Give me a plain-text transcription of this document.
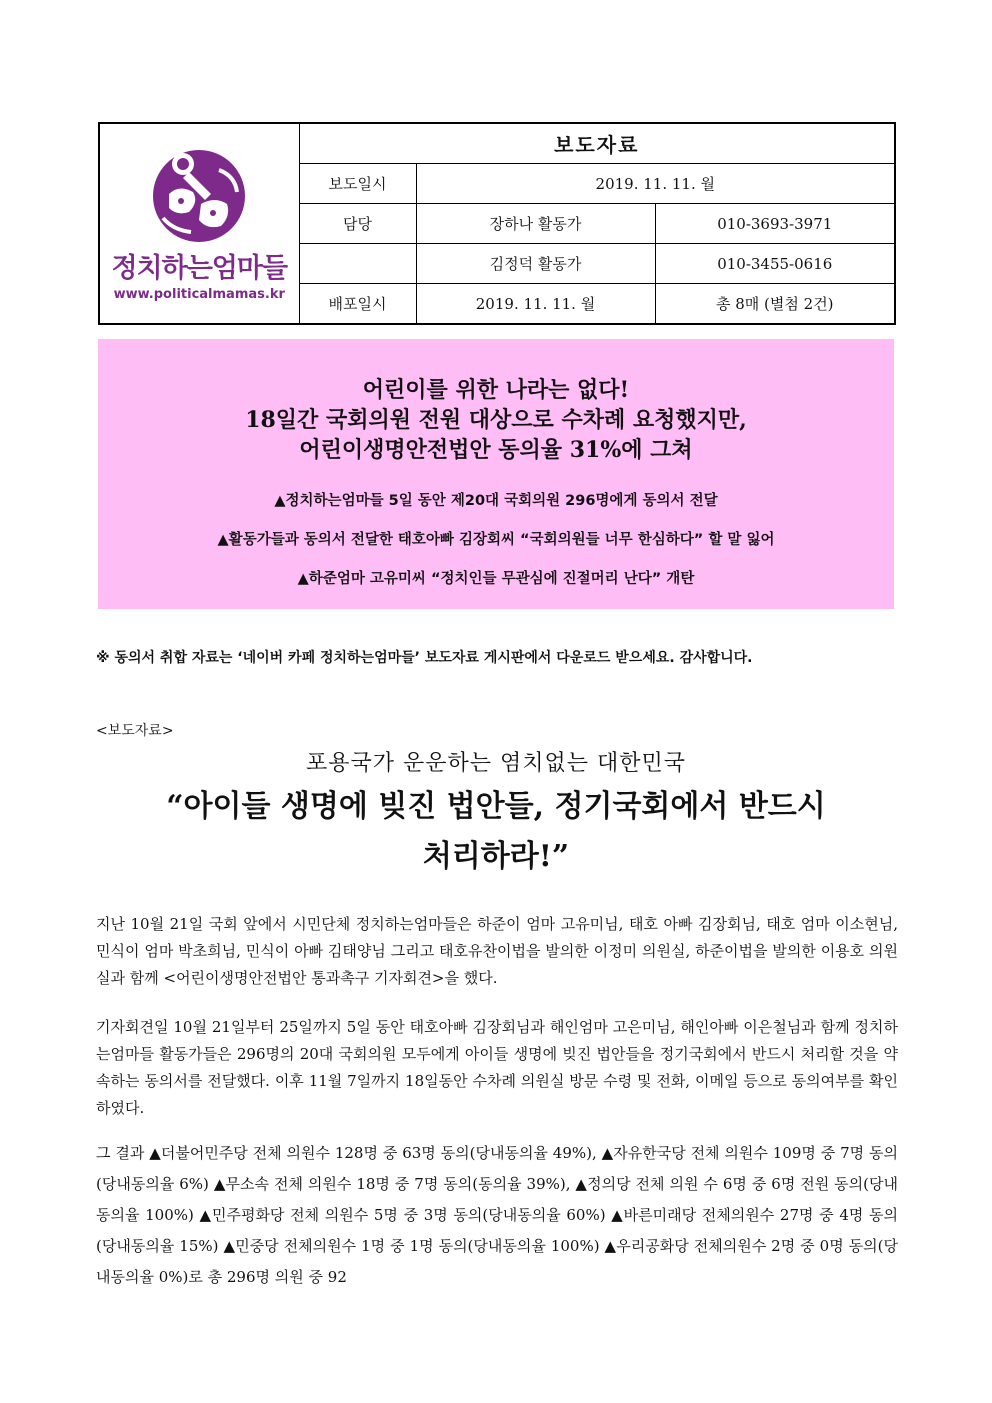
정치하는엄마들
www.politicalmamas.kr	보도자료		
	보도일시	2019. 11. 11. 월	
	담당	장하나 활동가	010-3693-3971
		김정덕 활동가	010-3455-0616
	배포일시	2019. 11. 11. 월	총 8매 (별첨 2건)
어린이를 위한 나라는 없다!
18일간 국회의원 전원 대상으로 수차례 요청했지만,
어린이생명안전법안 동의율 31%에 그쳐
▲정치하는엄마들 5일 동안 제20대 국회의원 296명에게 동의서 전달
▲활동가들과 동의서 전달한 태호아빠 김장회씨 “국회의원들 너무 한심하다” 할 말 잃어
▲하준엄마 고유미씨 “정치인들 무관심에 진절머리 난다” 개탄
※ 동의서 취합 자료는 ‘네이버 카페 정치하는엄마들’ 보도자료 게시판에서 다운로드 받으세요. 감사합니다.
<보도자료>
포용국가 운운하는 염치없는 대한민국
“아이들 생명에 빚진 법안들, 정기국회에서 반드시
처리하라!”

지난 10월 21일 국회 앞에서 시민단체 정치하는엄마들은 하준이 엄마 고유미님, 태호 아빠 김장회님, 태호 엄마 이소현님, 민식이 엄마 박초희님, 민식이 아빠 김태양님 그리고 태호유찬이법을 발의한 이정미 의원실, 하준이법을 발의한 이용호 의원실과 함께 <어린이생명안전법안 통과촉구 기자회견>을 했다.

기자회견일 10월 21일부터 25일까지 5일 동안 태호아빠 김장회님과 해인엄마 고은미님, 해인아빠 이은철님과 함께 정치하는엄마들 활동가들은 296명의 20대 국회의원 모두에게 아이들 생명에 빚진 법안들을 정기국회에서 반드시 처리할 것을 약속하는 동의서를 전달했다. 이후 11월 7일까지 18일동안 수차례 의원실 방문 수령 및 전화, 이메일 등으로 동의여부를 확인하였다.

그 결과 ▲더불어민주당 전체 의원수 128명 중 63명 동의(당내동의율 49%), ▲자유한국당 전체 의원수 109명 중 7명 동의(당내동의율 6%) ▲무소속 전체 의원수 18명 중 7명 동의(동의율 39%), ▲정의당 전체 의원 수 6명 중 6명 전원 동의(당내동의율 100%) ▲민주평화당 전체 의원수 5명 중 3명 동의(당내동의율 60%) ▲바른미래당 전체의원수 27명 중 4명 동의(당내동의율 15%) ▲민중당 전체의원수 1명 중 1명 동의(당내동의율 100%) ▲우리공화당 전체의원수 2명 중 0명 동의(당내동의율 0%)로 총 296명 의원 중 92
